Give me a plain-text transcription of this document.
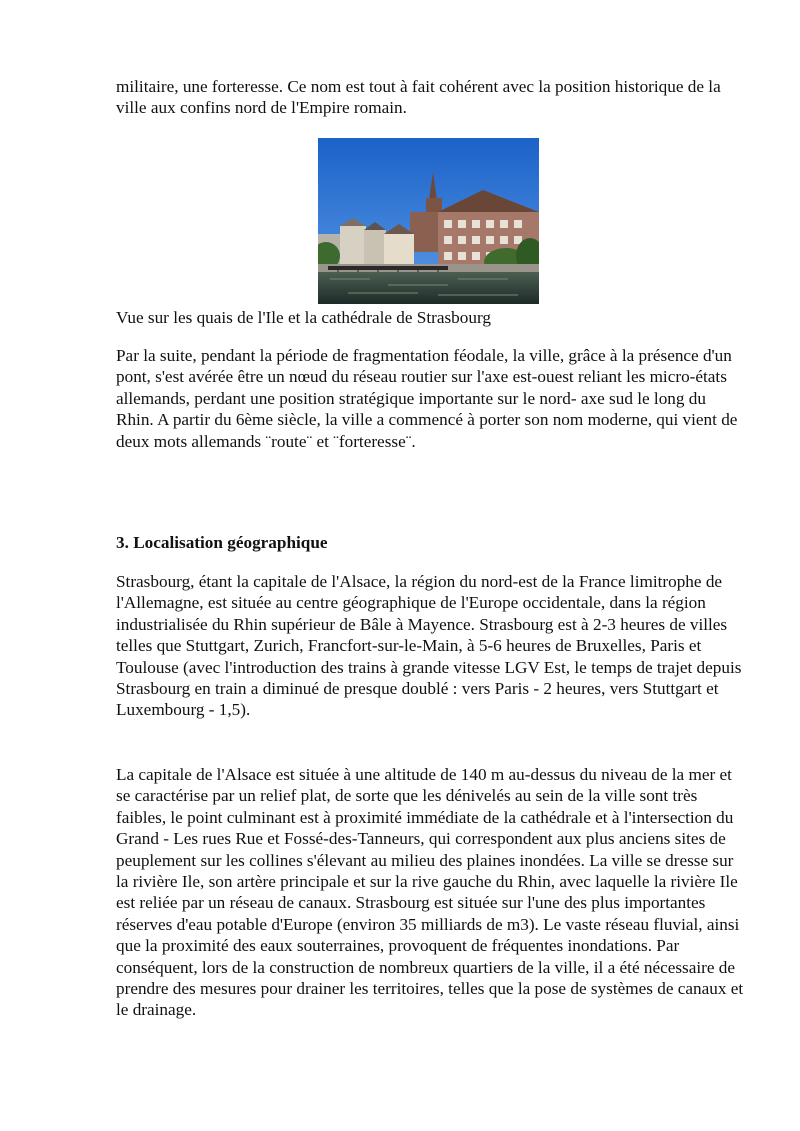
militaire, une forteresse. Ce nom est tout à fait cohérent avec la position historique de la ville aux confins nord de l'Empire romain.

Vue sur les quais de l'Ile et la cathédrale de Strasbourg

Par la suite, pendant la période de fragmentation féodale, la ville, grâce à la présence d'un pont, s'est avérée être un nœud du réseau routier sur l'axe est-ouest reliant les micro-états allemands, perdant une position stratégique importante sur le nord- axe sud le long du Rhin. A partir du 6ème siècle, la ville a commencé à porter son nom moderne, qui vient de deux mots allemands ¨route¨ et ¨forteresse¨.

3. Localisation géographique

Strasbourg, étant la capitale de l'Alsace, la région du nord-est de la France limitrophe de l'Allemagne, est située au centre géographique de l'Europe occidentale, dans la région industrialisée du Rhin supérieur de Bâle à Mayence. Strasbourg est à 2-3 heures de villes telles que Stuttgart, Zurich, Francfort-sur-le-Main, à 5-6 heures de Bruxelles, Paris et Toulouse (avec l'introduction des trains à grande vitesse LGV Est, le temps de trajet depuis Strasbourg en train a diminué de presque doublé : vers Paris - 2 heures, vers Stuttgart et Luxembourg - 1,5).

La capitale de l'Alsace est située à une altitude de 140 m au-dessus du niveau de la mer et se caractérise par un relief plat, de sorte que les dénivelés au sein de la ville sont très faibles, le point culminant est à proximité immédiate de la cathédrale et à l'intersection du Grand - Les rues Rue et Fossé-des-Tanneurs, qui correspondent aux plus anciens sites de peuplement sur les collines s'élevant au milieu des plaines inondées. La ville se dresse sur la rivière Ile, son artère principale et sur la rive gauche du Rhin, avec laquelle la rivière Ile est reliée par un réseau de canaux. Strasbourg est située sur l'une des plus importantes réserves d'eau potable d'Europe (environ 35 milliards de m3). Le vaste réseau fluvial, ainsi que la proximité des eaux souterraines, provoquent de fréquentes inondations. Par conséquent, lors de la construction de nombreux quartiers de la ville, il a été nécessaire de prendre des mesures pour drainer les territoires, telles que la pose de systèmes de canaux et le drainage.
